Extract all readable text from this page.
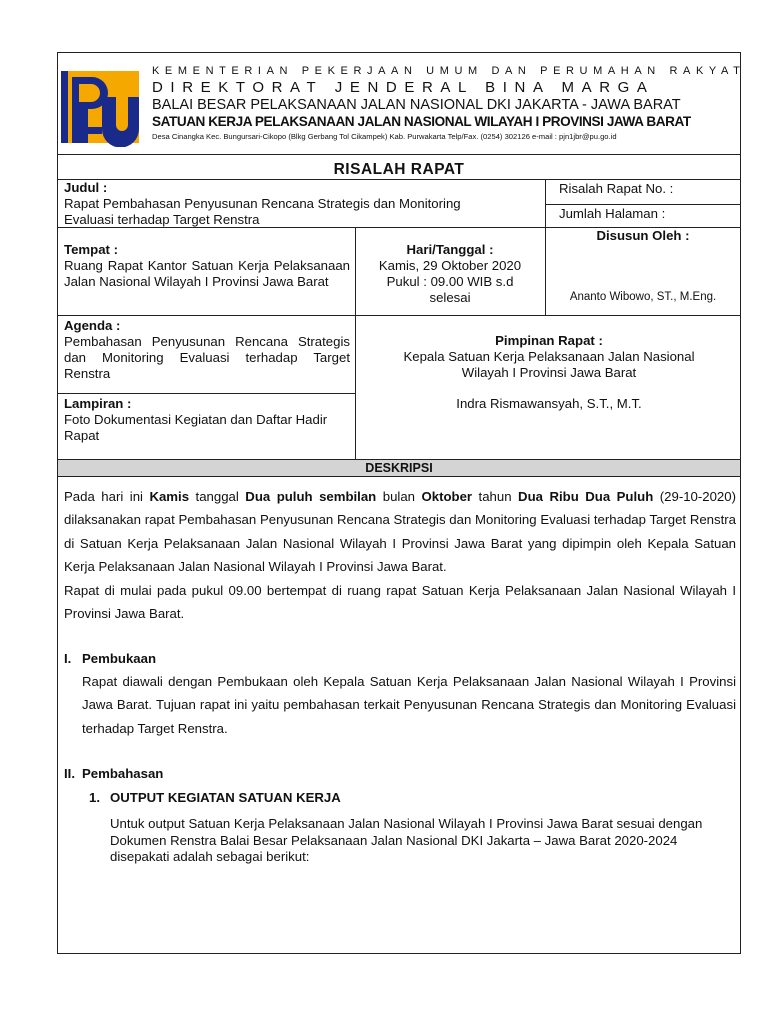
KEMENTERIAN PEKERJAAN UMUM DAN PERUMAHAN RAKYAT
DIREKTORAT JENDERAL BINA MARGA
BALAI BESAR PELAKSANAAN JALAN NASIONAL DKI JAKARTA - JAWA BARAT
SATUAN KERJA PELAKSANAAN JALAN NASIONAL WILAYAH I PROVINSI JAWA BARAT
Desa Cinangka Kec. Bungursari-Cikopo (Blkg Gerbang Tol Cikampek) Kab. Purwakarta Telp/Fax. (0254) 302126 e-mail : pjn1jbr@pu.go.id
RISALAH RAPAT
Judul :
Rapat Pembahasan Penyusunan Rencana Strategis dan Monitoring Evaluasi terhadap Target Renstra
Risalah Rapat No. :
Jumlah Halaman :
Tempat :
Ruang Rapat Kantor Satuan Kerja Pelaksanaan Jalan Nasional Wilayah I Provinsi Jawa Barat
Hari/Tanggal :
Kamis, 29 Oktober 2020
Pukul : 09.00 WIB s.d
selesai
Disusun Oleh :
Ananto Wibowo, ST., M.Eng.
Agenda :
Pembahasan Penyusunan Rencana Strategis dan Monitoring Evaluasi terhadap Target Renstra
Pimpinan Rapat :
Kepala Satuan Kerja Pelaksanaan Jalan Nasional Wilayah I Provinsi Jawa Barat
Indra Rismawansyah, S.T., M.T.
Lampiran :
Foto Dokumentasi Kegiatan dan Daftar Hadir Rapat
DESKRIPSI

Pada hari ini Kamis tanggal Dua puluh sembilan bulan Oktober tahun Dua Ribu Dua Puluh (29-10-2020) dilaksanakan rapat Pembahasan Penyusunan Rencana Strategis dan Monitoring Evaluasi terhadap Target Renstra di Satuan Kerja Pelaksanaan Jalan Nasional Wilayah I Provinsi Jawa Barat yang dipimpin oleh Kepala Satuan Kerja Pelaksanaan Jalan Nasional Wilayah I Provinsi Jawa Barat.

Rapat di mulai pada pukul 09.00 bertempat di ruang rapat Satuan Kerja Pelaksanaan Jalan Nasional Wilayah I Provinsi Jawa Barat.

I. Pembukaan
Rapat diawali dengan Pembukaan oleh Kepala Satuan Kerja Pelaksanaan Jalan Nasional Wilayah I Provinsi Jawa Barat. Tujuan rapat ini yaitu pembahasan terkait Penyusunan Rencana Strategis dan Monitoring Evaluasi terhadap Target Renstra.
II. Pembahasan
1. OUTPUT KEGIATAN SATUAN KERJA
Untuk output Satuan Kerja Pelaksanaan Jalan Nasional Wilayah I Provinsi Jawa Barat sesuai dengan Dokumen Renstra Balai Besar Pelaksanaan Jalan Nasional DKI Jakarta – Jawa Barat 2020-2024 disepakati adalah sebagai berikut:
